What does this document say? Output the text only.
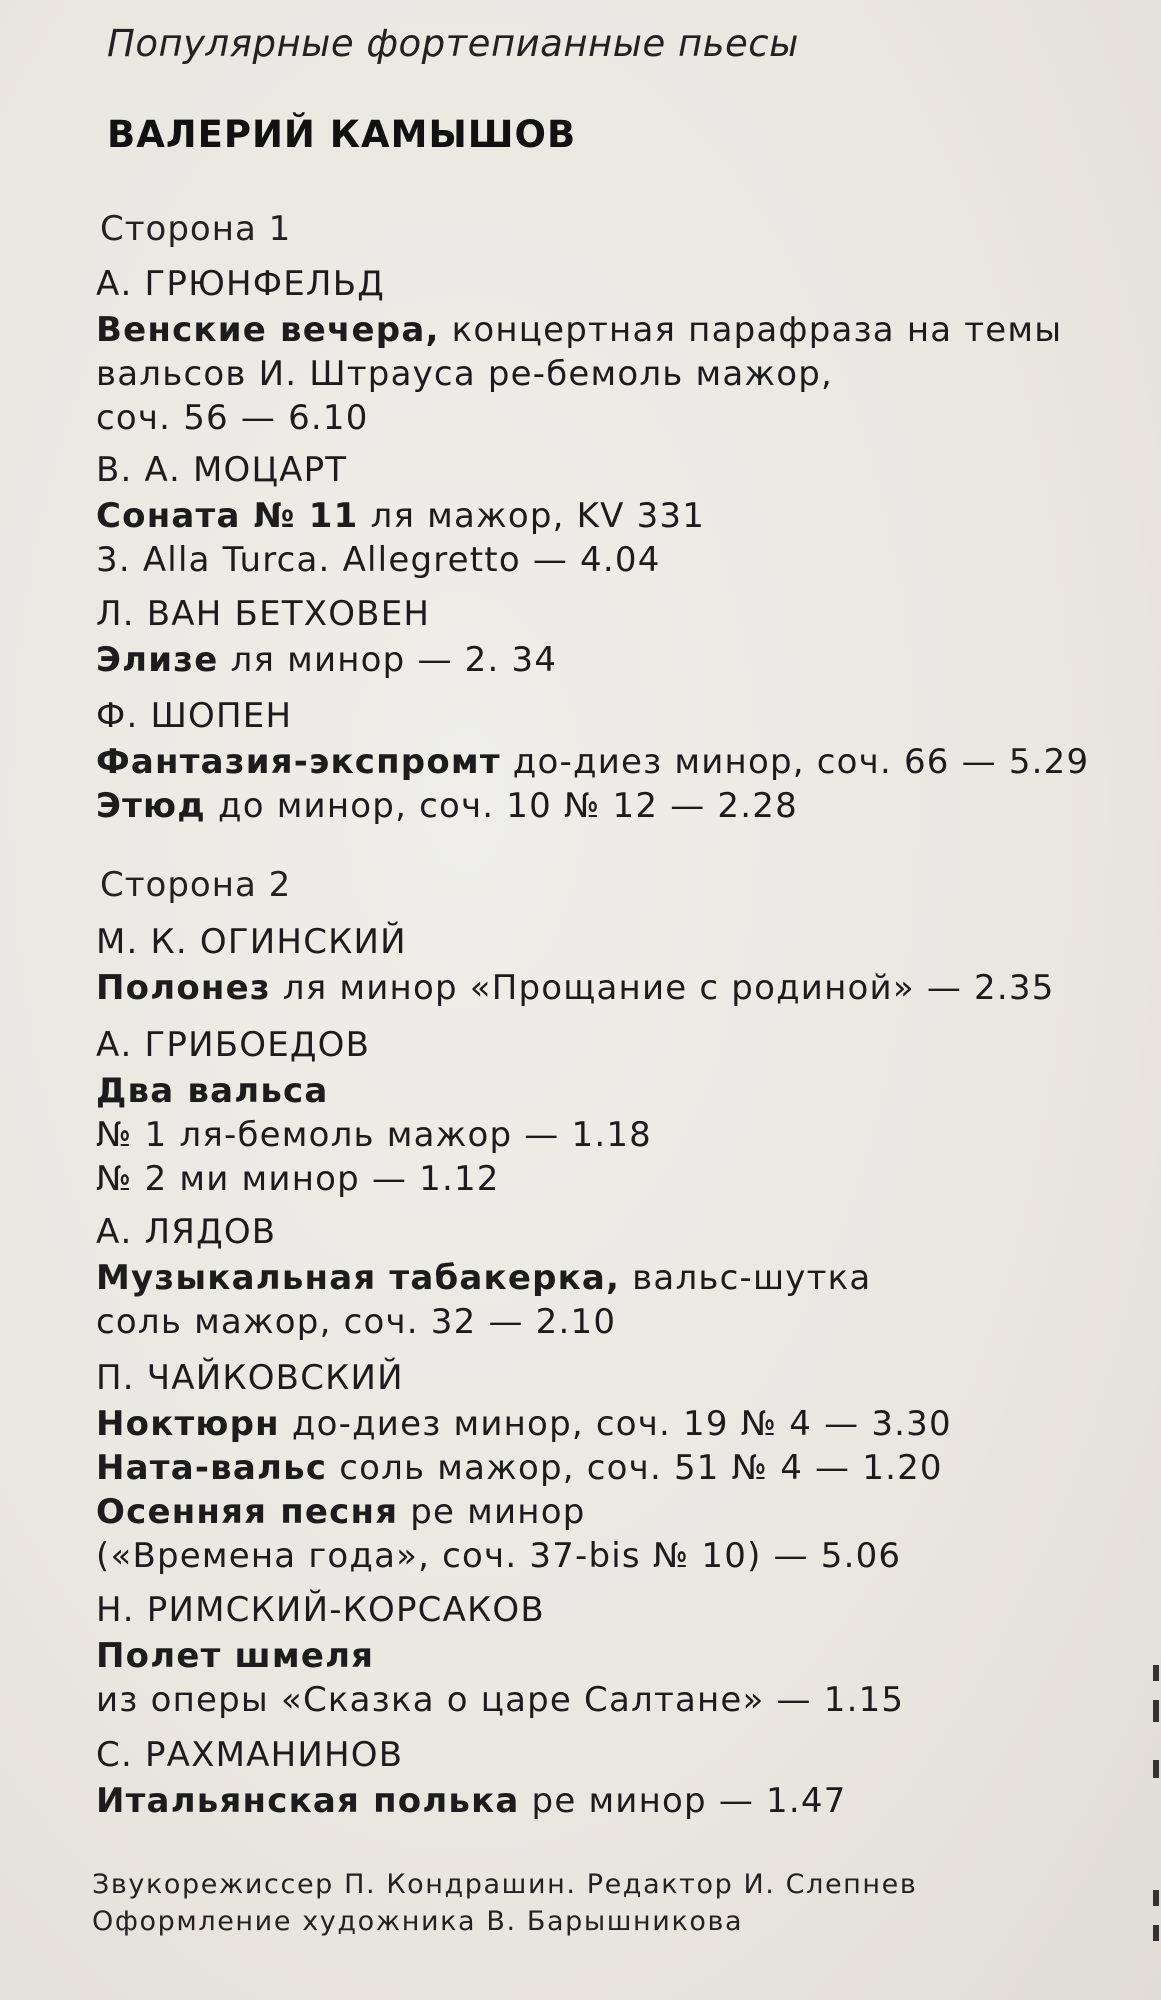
Популярные фортепианные пьесы
ВАЛЕРИЙ КАМЫШОВ
Сторона 1
А. ГРЮНФЕЛЬД
Венские вечера, концертная парафраза на темы
вальсов И. Штрауса ре-бемоль мажор,
соч. 56 — 6.10
В. А. МОЦАРТ
Соната № 11 ля мажор, KV 331
3. Alla Turca. Allegretto — 4.04
Л. ВАН БЕТХОВЕН
Элизе ля минор — 2. 34
Ф. ШОПЕН
Фантазия-экспромт до-диез минор, соч. 66 — 5.29
Этюд до минор, соч. 10 № 12 — 2.28
Сторона 2
М. К. ОГИНСКИЙ
Полонез ля минор «Прощание с родиной» — 2.35
А. ГРИБОЕДОВ
Два вальса
№ 1 ля-бемоль мажор — 1.18
№ 2 ми минор — 1.12
А. ЛЯДОВ
Музыкальная табакерка, вальс-шутка
соль мажор, соч. 32 — 2.10
П. ЧАЙКОВСКИЙ
Ноктюрн до-диез минор, соч. 19 № 4 — 3.30
Ната-вальс соль мажор, соч. 51 № 4 — 1.20
Осенняя песня ре минор
(«Времена года», соч. 37-bis № 10) — 5.06
Н. РИМСКИЙ-КОРСАКОВ
Полет шмеля
из оперы «Сказка о царе Салтане» — 1.15
С. РАХМАНИНОВ
Итальянская полька ре минор — 1.47
Звукорежиссер П. Кондрашин. Редактор И. Слепнев
Оформление художника В. Барышникова
